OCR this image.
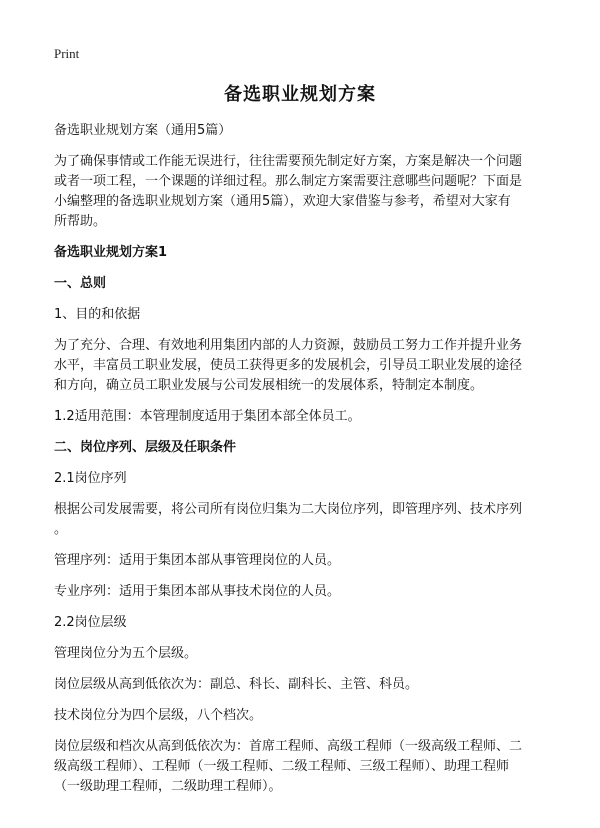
Print
备选职业规划方案
备选职业规划方案（通用5篇）
为了确保事情或工作能无误进行，往往需要预先制定好方案，方案是解决一个问题
或者一项工程，一个课题的详细过程。那么制定方案需要注意哪些问题呢？下面是
小编整理的备选职业规划方案（通用5篇），欢迎大家借鉴与参考，希望对大家有
所帮助。
备选职业规划方案1
一、总则
1、目的和依据
为了充分、合理、有效地利用集团内部的人力资源，鼓励员工努力工作并提升业务
水平，丰富员工职业发展，使员工获得更多的发展机会，引导员工职业发展的途径
和方向，确立员工职业发展与公司发展相统一的发展体系，特制定本制度。
1.2适用范围：本管理制度适用于集团本部全体员工。
二、岗位序列、层级及任职条件
2.1岗位序列
根据公司发展需要，将公司所有岗位归集为二大岗位序列，即管理序列、技术序列
。
管理序列：适用于集团本部从事管理岗位的人员。
专业序列：适用于集团本部从事技术岗位的人员。
2.2岗位层级
管理岗位分为五个层级。
岗位层级从高到低依次为：副总、科长、副科长、主管、科员。
技术岗位分为四个层级，八个档次。
岗位层级和档次从高到低依次为：首席工程师、高级工程师（一级高级工程师、二
级高级工程师）、工程师（一级工程师、二级工程师、三级工程师）、助理工程师
（一级助理工程师，二级助理工程师）。
